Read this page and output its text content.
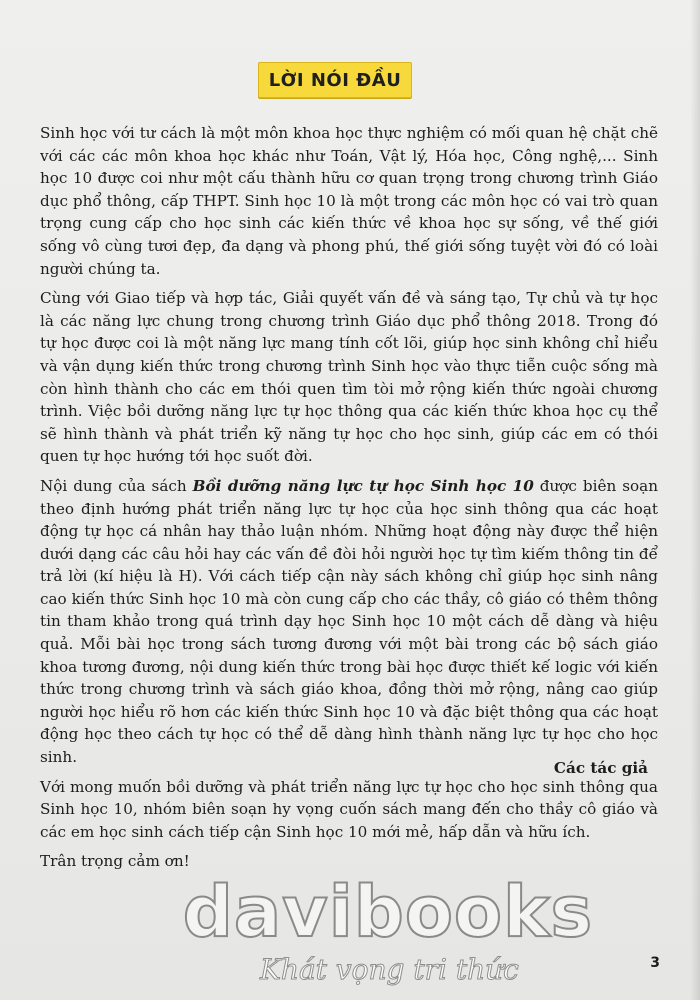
LỜI NÓI ĐẦU

Sinh học với tư cách là một môn khoa học thực nghiệm có mối quan hệ chặt chẽ với các các môn khoa học khác như Toán, Vật lý, Hóa học, Công nghệ,... Sinh học 10 được coi như một cấu thành hữu cơ quan trọng trong chương trình Giáo dục phổ thông, cấp THPT. Sinh học 10 là một trong các môn học có vai trò quan trọng cung cấp cho học sinh các kiến thức về khoa học sự sống, về thế giới sống vô cùng tươi đẹp, đa dạng và phong phú, thế giới sống tuyệt vời đó có loài người chúng ta.

Cùng với Giao tiếp và hợp tác, Giải quyết vấn đề và sáng tạo, Tự chủ và tự học là các năng lực chung trong chương trình Giáo dục phổ thông 2018. Trong đó tự học được coi là một năng lực mang tính cốt lõi, giúp học sinh không chỉ hiểu và vận dụng kiến thức trong chương trình Sinh học vào thực tiễn cuộc sống mà còn hình thành cho các em thói quen tìm tòi mở rộng kiến thức ngoài chương trình. Việc bồi dưỡng năng lực tự học thông qua các kiến thức khoa học cụ thể sẽ hình thành và phát triển kỹ năng tự học cho học sinh, giúp các em có thói quen tự học hướng tới học suốt đời.

Nội dung của sách Bồi dưỡng năng lực tự học Sinh học 10 được biên soạn theo định hướng phát triển năng lực tự học của học sinh thông qua các hoạt động tự học cá nhân hay thảo luận nhóm. Những hoạt động này được thể hiện dưới dạng các câu hỏi hay các vấn đề đòi hỏi người học tự tìm kiếm thông tin để trả lời (kí hiệu là H). Với cách tiếp cận này sách không chỉ giúp học sinh nâng cao kiến thức Sinh học 10 mà còn cung cấp cho các thầy, cô giáo có thêm thông tin tham khảo trong quá trình dạy học Sinh học 10 một cách dễ dàng và hiệu quả. Mỗi bài học trong sách tương đương với một bài trong các bộ sách giáo khoa tương đương, nội dung kiến thức trong bài học được thiết kế logic với kiến thức trong chương trình và sách giáo khoa, đồng thời mở rộng, nâng cao giúp người học hiểu rõ hơn các kiến thức Sinh học 10 và đặc biệt thông qua các hoạt động học theo cách tự học có thể dễ dàng hình thành năng lực tự học cho học sinh.

Với mong muốn bồi dưỡng và phát triển năng lực tự học cho học sinh thông qua Sinh học 10, nhóm biên soạn hy vọng cuốn sách mang đến cho thầy cô giáo và các em học sinh cách tiếp cận Sinh học 10 mới mẻ, hấp dẫn và hữu ích.

Trân trọng cảm ơn!

Các tác giả
davibooks
Khát vọng tri thức	3
